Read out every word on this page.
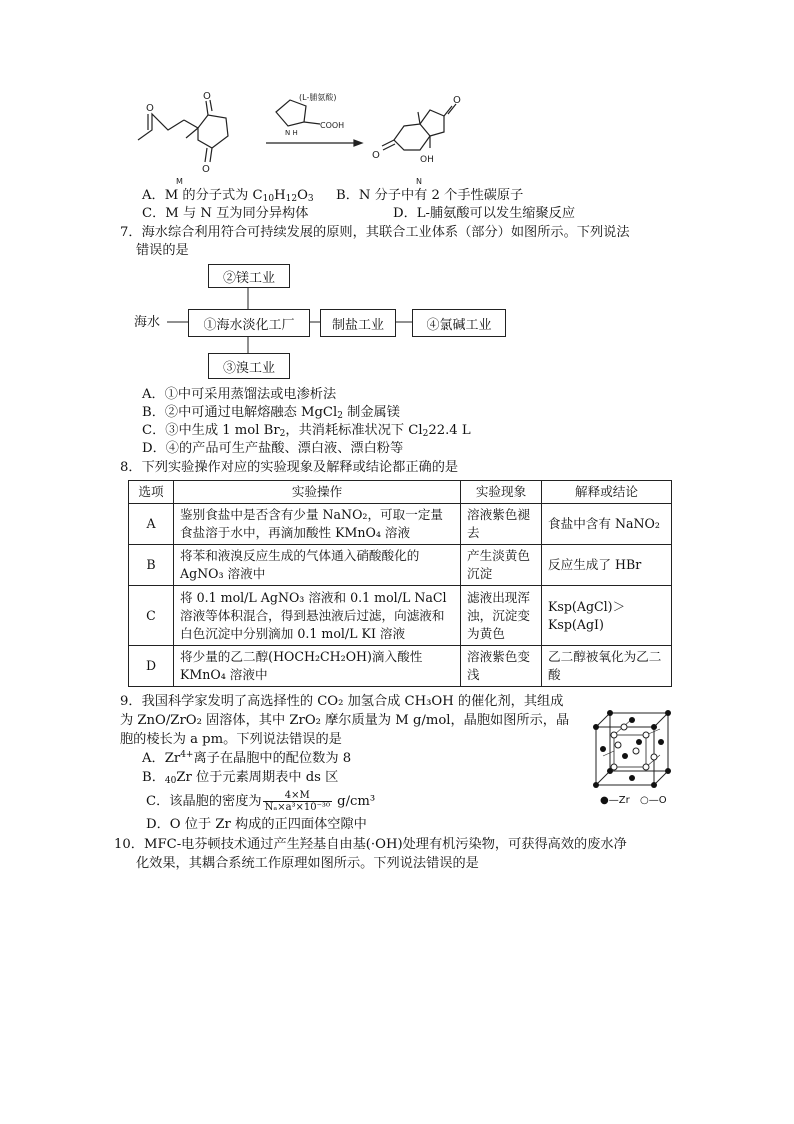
O
O
O
M
(L-脯氨酸)
COOH
N H
O
O	OH
N
A．M 的分子式为 $C_{10}H_{12}O_3$ B．N 分子中有 2 个手性碳原子
C．M 与 N 互为同分异构体	D．L-脯氨酸可以发生缩聚反应
7．海水综合利用符合可持续发展的原则，其联合工业体系（部分）如图所示。下列说法
错误的是
海水
②镁工业
①海水淡化工厂	制盐工业	④氯碱工业
③溴工业
A．①中可采用蒸馏法或电渗析法
B．②中可通过电解熔融态 MgCl$_2$ 制金属镁
C．③中生成 1 mol $Br_2$，共消耗标准状况下 $Cl_222.4$ L
D．④的产品可生产盐酸、漂白液、漂白粉等
8．下列实验操作对应的实验现象及解释或结论都正确的是
选项	实验操作	实验现象	解释或结论
A	鉴别食盐中是否含有少量 NaNO₂，可取一定量食盐溶于水中，再滴加酸性 KMnO₄ 溶液	溶液紫色褪去	食盐中含有 NaNO₂
B	将苯和液溴反应生成的气体通入硝酸酸化的 AgNO₃ 溶液中	产生淡黄色沉淀	反应生成了 HBr
C	将 0.1 mol/L AgNO₃ 溶液和 0.1 mol/L NaCl 溶液等体积混合，得到悬浊液后过滤，向滤液和白色沉淀中分别滴加 0.1 mol/L KI 溶液	滤液出现浑浊，沉淀变为黄色	Ksp(AgCl)＞Ksp(AgI)
D	将少量的乙二醇(HOCH₂CH₂OH)滴入酸性 KMnO₄ 溶液中	溶液紫色变浅	乙二醇被氧化为乙二酸
9．我国科学家发明了高选择性的 CO₂ 加氢合成 CH₃OH 的催化剂，其组成
为 ZnO/ZrO₂ 固溶体，其中 ZrO₂ 摩尔质量为 M g/mol，晶胞如图所示，晶
胞的棱长为 a pm。下列说法错误的是
A．$Zr^{4+}$离子在晶胞中的配位数为 8
B．$_{40}$Zr 位于元素周期表中 ds 区
C．该晶胞的密度为 $\frac{4\times M}{\text{Nₐ×a³×10⁻³⁰}} g/cm^3$
D．O 位于 Zr 构成的正四面体空隙中
●—Zr ○—O
10．MFC-电芬顿技术通过产生羟基自由基(·OH)处理有机污染物，可获得高效的废水净
化效果，其耦合系统工作原理如图所示。下列说法错误的是
